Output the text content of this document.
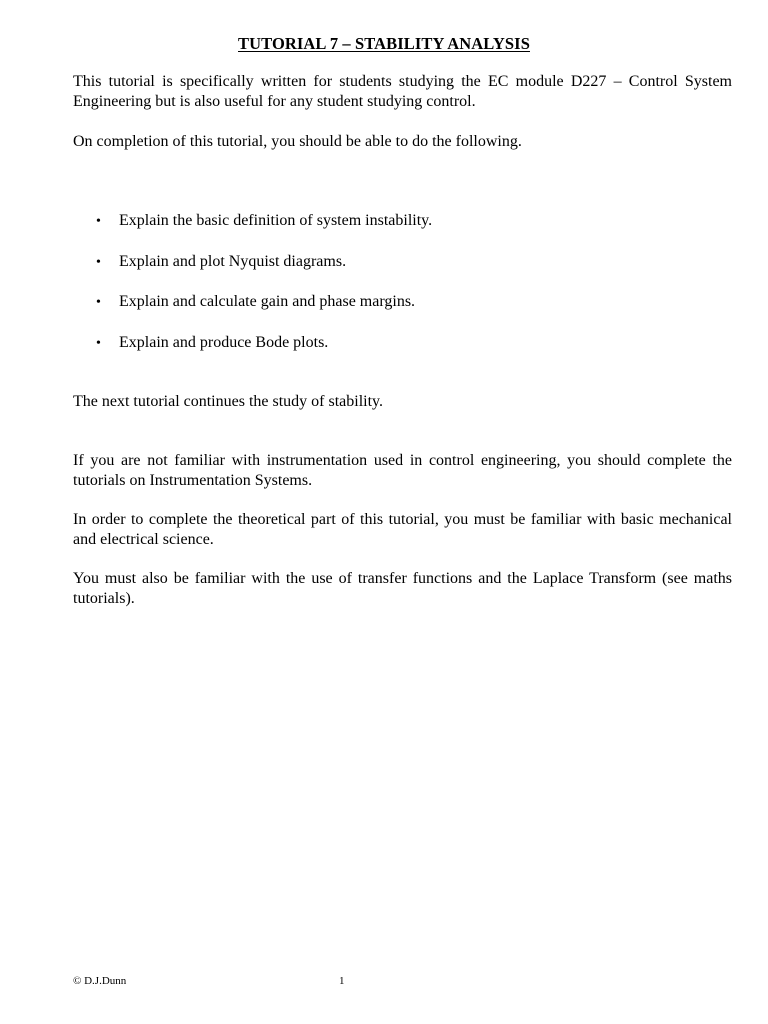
TUTORIAL 7 – STABILITY ANALYSIS

This tutorial is specifically written for students studying the EC module D227 – Control System Engineering but is also useful for any student studying control.

On completion of this tutorial, you should be able to do the following.

• Explain the basic definition of system instability.
• Explain and plot Nyquist diagrams.
• Explain and calculate gain and phase margins.
• Explain and produce Bode plots.

The next tutorial continues the study of stability.

If you are not familiar with instrumentation used in control engineering, you should complete the tutorials on Instrumentation Systems.

In order to complete the theoretical part of this tutorial, you must be familiar with basic mechanical and electrical science.

You must also be familiar with the use of transfer functions and the Laplace Transform (see maths tutorials).

© D.J.Dunn	1
